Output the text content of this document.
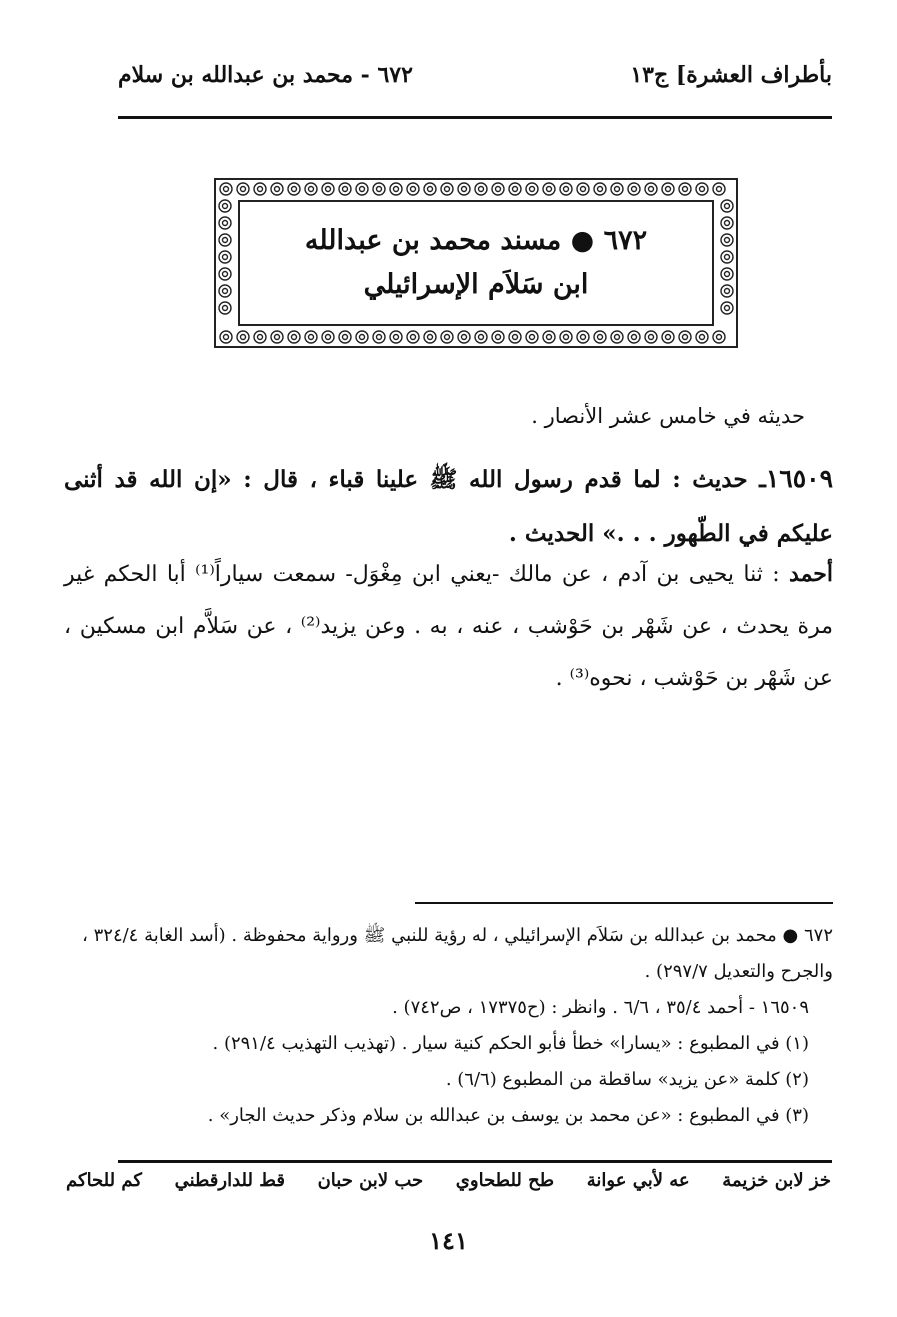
بأطراف العشرة] ج١٣
٦٧٢ - محمد بن عبدالله بن سلام
٦٧٢ ● مسند محمد بن عبدالله
ابن سَلاَم الإسرائيلي
حديثه في خامس عشر الأنصار .
١٦٥٠٩ـ حديث : لما قدم رسول الله ﷺ علينا قباء ، قال : «إن الله قد أثنى عليكم في الطّهور . . .» الحديث .
أحمد : ثنا يحيى بن آدم ، عن مالك -يعني ابن مِغْوَل- سمعت سياراً⁽¹⁾ أبا الحكم غير مرة يحدث ، عن شَهْر بن حَوْشب ، عنه ، به . وعن يزيد⁽²⁾ ، عن سَلاَّم ابن مسكين ، عن شَهْر بن حَوْشب ، نحوه⁽³⁾ .

٦٧٢ ● محمد بن عبدالله بن سَلاَم الإسرائيلي ، له رؤية للنبي ﷺ ورواية محفوظة . (أسد الغابة ٣٢٤/٤ ، والجرح والتعديل ٢٩٧/٧) .

١٦٥٠٩ - أحمد ٣٥/٤ ، ٦/٦ . وانظر : (ح١٧٣٧٥ ، ص٧٤٢) .

(١) في المطبوع : «يسارا» خطأ فأبو الحكم كنية سيار . (تهذيب التهذيب ٢٩١/٤) .

(٢) كلمة «عن يزيد» ساقطة من المطبوع (٦/٦) .

(٣) في المطبوع : «عن محمد بن يوسف بن عبدالله بن سلام وذكر حديث الجار» .

خز لابن خزيمة
عه لأبي عوانة
طح للطحاوي
حب لابن حبان
قط للدارقطني
كم للحاكم
١٤١
